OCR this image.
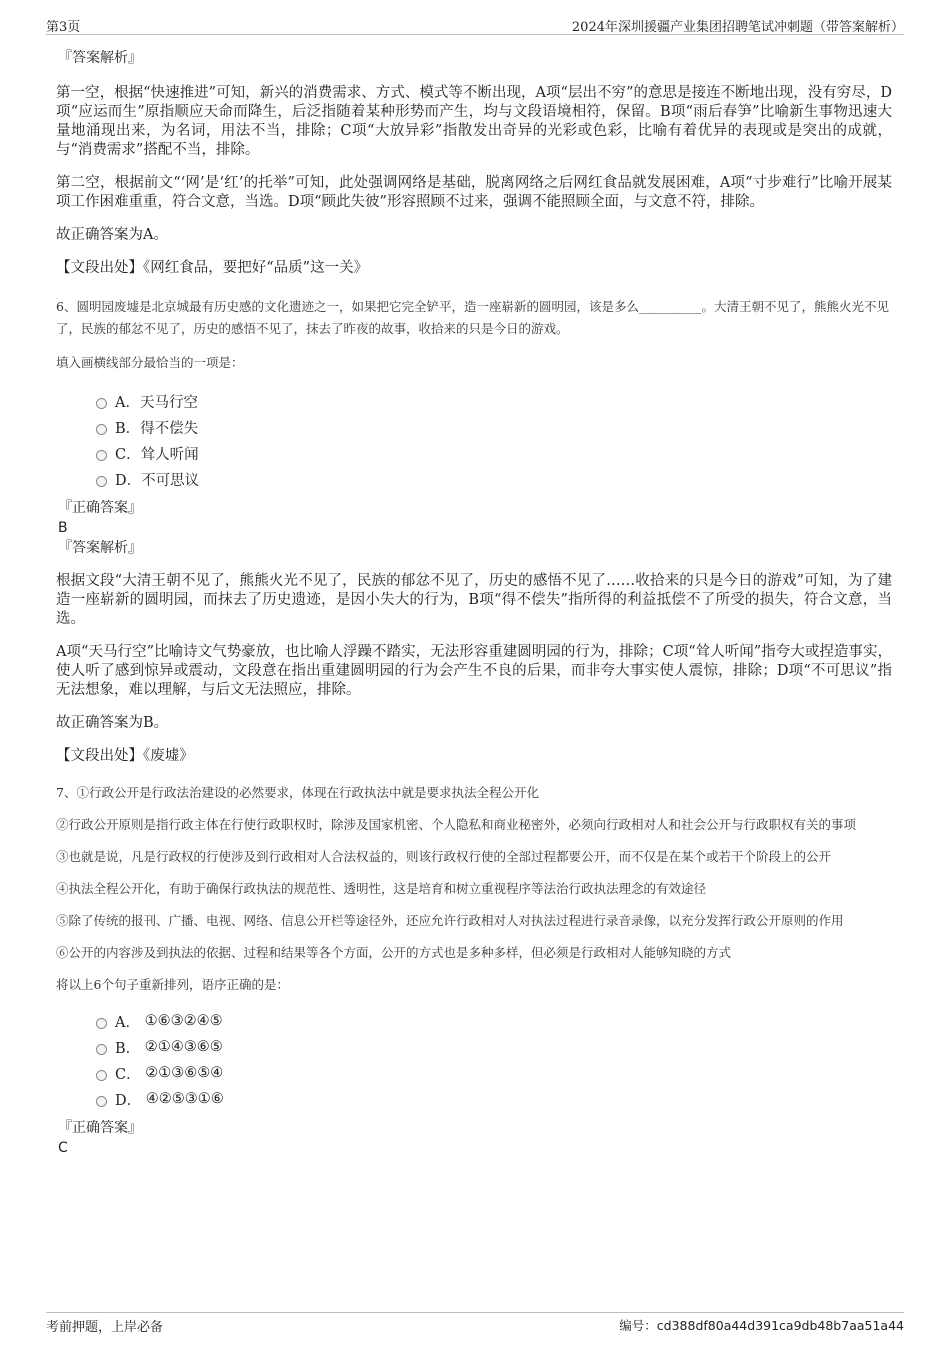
第3页	2024年深圳援疆产业集团招聘笔试冲刺题（带答案解析）

『答案解析』

第一空，根据“快速推进”可知，新兴的消费需求、方式、模式等不断出现，A项“层出不穷”的意思是接连不断地出现，没有穷尽，D项“应运而生”原指顺应天命而降生，后泛指随着某种形势而产生，均与文段语境相符，保留。B项“雨后春笋”比喻新生事物迅速大量地涌现出来，为名词，用法不当，排除；C项“大放异彩”指散发出奇异的光彩或色彩，比喻有着优异的表现或是突出的成就，与“消费需求”搭配不当，排除。

第二空，根据前文“‘网’是‘红’的托举”可知，此处强调网络是基础，脱离网络之后网红食品就发展困难，A项“寸步难行”比喻开展某项工作困难重重，符合文意，当选。D项“顾此失彼”形容照顾不过来，强调不能照顾全面，与文意不符，排除。

故正确答案为A。

【文段出处】《网红食品，要把好“品质”这一关》

6、圆明园废墟是北京城最有历史感的文化遗迹之一，如果把它完全铲平，造一座崭新的圆明园，该是多么__________。大清王朝不见了，熊熊火光不见了，民族的郁忿不见了，历史的感悟不见了，抹去了昨夜的故事，收拾来的只是今日的游戏。

填入画横线部分最恰当的一项是：

A． 天马行空
B． 得不偿失
C． 耸人听闻
D． 不可思议

『正确答案』

B

『答案解析』

根据文段“大清王朝不见了，熊熊火光不见了，民族的郁忿不见了，历史的感悟不见了……收拾来的只是今日的游戏”可知，为了建造一座崭新的圆明园，而抹去了历史遗迹，是因小失大的行为，B项“得不偿失”指所得的利益抵偿不了所受的损失，符合文意，当选。

A项“天马行空”比喻诗文气势豪放，也比喻人浮躁不踏实，无法形容重建圆明园的行为，排除；C项“耸人听闻”指夸大或捏造事实，使人听了感到惊异或震动，文段意在指出重建圆明园的行为会产生不良的后果，而非夸大事实使人震惊，排除；D项“不可思议”指无法想象，难以理解，与后文无法照应，排除。

故正确答案为B。

【文段出处】《废墟》

7、①行政公开是行政法治建设的必然要求，体现在行政执法中就是要求执法全程公开化

②行政公开原则是指行政主体在行使行政职权时，除涉及国家机密、个人隐私和商业秘密外，必须向行政相对人和社会公开与行政职权有关的事项

③也就是说，凡是行政权的行使涉及到行政相对人合法权益的，则该行政权行使的全部过程都要公开，而不仅是在某个或若干个阶段上的公开

④执法全程公开化，有助于确保行政执法的规范性、透明性，这是培育和树立重视程序等法治行政执法理念的有效途径

⑤除了传统的报刊、广播、电视、网络、信息公开栏等途径外，还应允许行政相对人对执法过程进行录音录像，以充分发挥行政公开原则的作用

⑥公开的内容涉及到执法的依据、过程和结果等各个方面，公开的方式也是多种多样，但必须是行政相对人能够知晓的方式

将以上6个句子重新排列，语序正确的是：

A．
①⑥③②④⑤
B．
②①④③⑥⑤
C．
②①③⑥⑤④
D．
④②⑤③①⑥

『正确答案』

C

考前押题，上岸必备	编号：cd388df80a44d391ca9db48b7aa51a44
